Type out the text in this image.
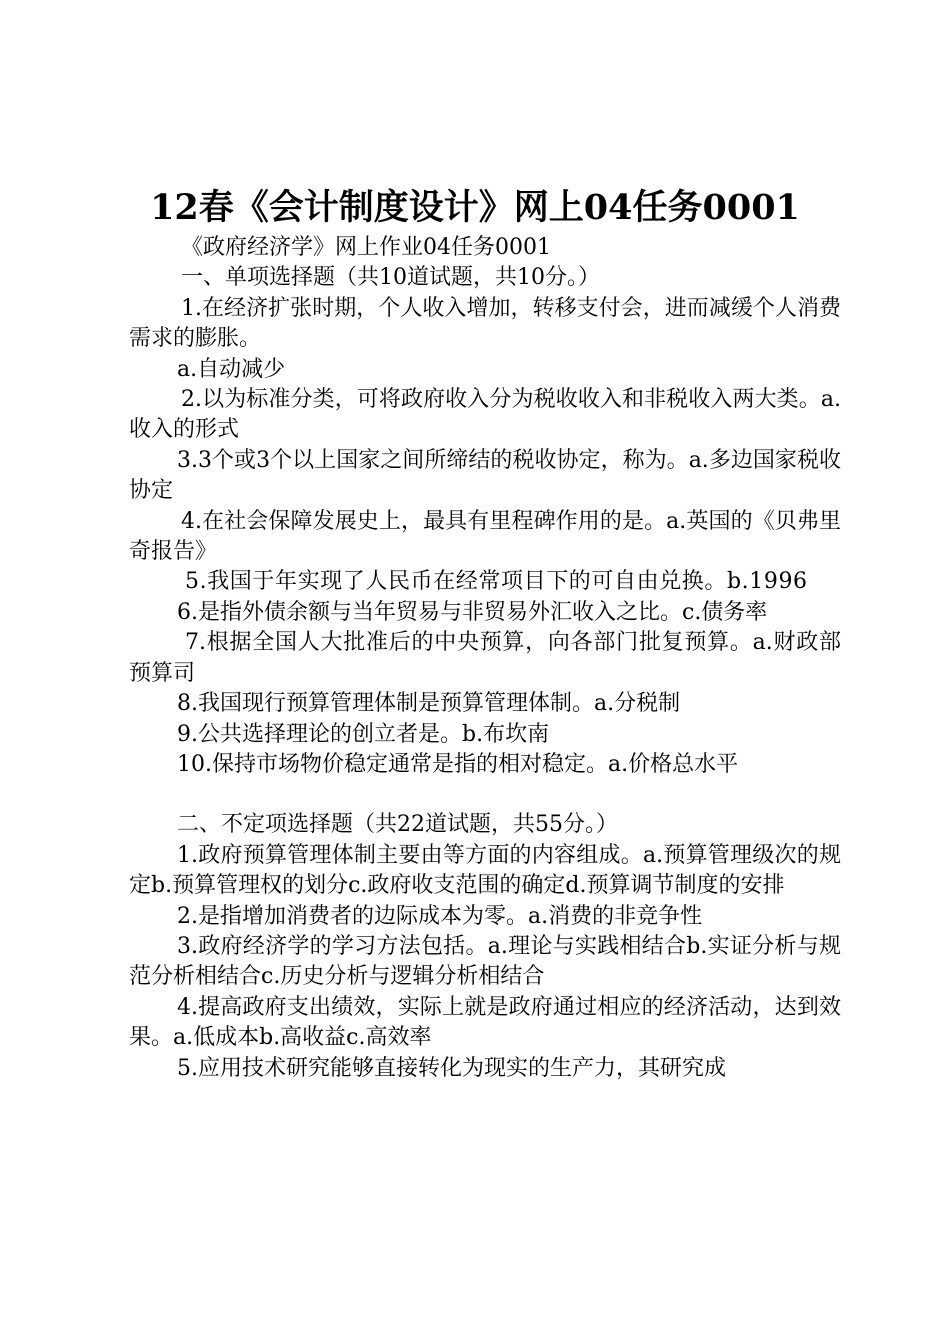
12春《会计制度设计》网上04任务0001

《政府经济学》网上作业04任务0001

一、单项选择题（共10道试题，共10分。）

1.在经济扩张时期，个人收入增加，转移支付会，进而减缓个人消费需求的膨胀。

a.自动减少

2.以为标准分类，可将政府收入分为税收收入和非税收入两大类。a.收入的形式

3.3个或3个以上国家之间所缔结的税收协定，称为。a.多边国家税收协定

4.在社会保障发展史上，最具有里程碑作用的是。a.英国的《贝弗里奇报告》

5.我国于年实现了人民币在经常项目下的可自由兑换。b.1996

6.是指外债余额与当年贸易与非贸易外汇收入之比。c.债务率

7.根据全国人大批准后的中央预算，向各部门批复预算。a.财政部预算司

8.我国现行预算管理体制是预算管理体制。a.分税制

9.公共选择理论的创立者是。b.布坎南

10.保持市场物价稳定通常是指的相对稳定。a.价格总水平

二、不定项选择题（共22道试题，共55分。）

1.政府预算管理体制主要由等方面的内容组成。a.预算管理级次的规定b.预算管理权的划分c.政府收支范围的确定d.预算调节制度的安排

2.是指增加消费者的边际成本为零。a.消费的非竞争性

3.政府经济学的学习方法包括。a.理论与实践相结合b.实证分析与规范分析相结合c.历史分析与逻辑分析相结合

4.提高政府支出绩效，实际上就是政府通过相应的经济活动，达到效果。a.低成本b.高收益c.高效率

5.应用技术研究能够直接转化为现实的生产力，其研究成
